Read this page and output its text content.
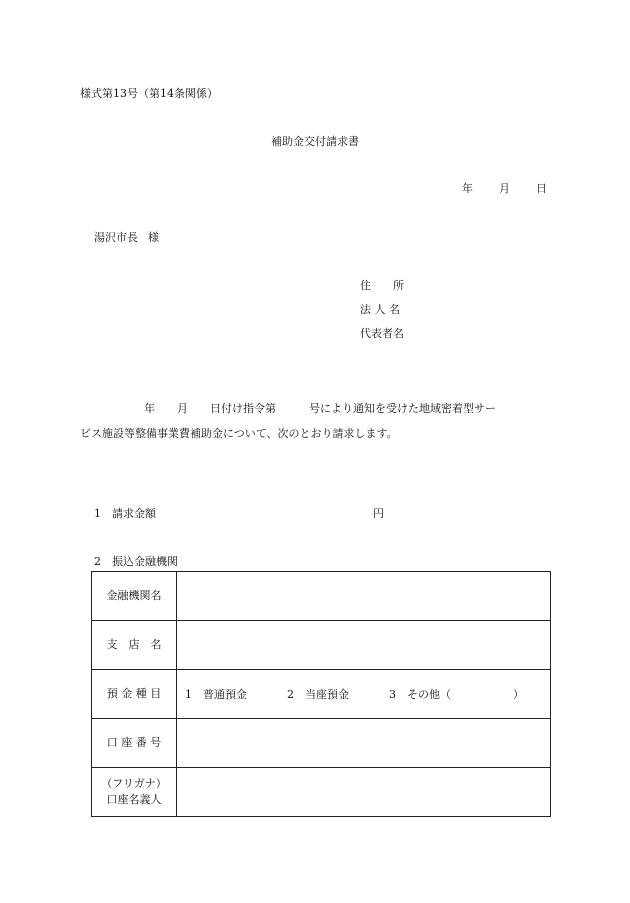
様式第13号（第14条関係）
補助金交付請求書
年 月 日
湯沢市長 様
住　　所
法 人 名
代表者名
年　　月　　日付け指令第　　　号により通知を受けた地域密着型サー
ビス施設等整備事業費補助金について、次のとおり請求します。
1　請求金額	円
2　振込金融機関
金融機関名	
支　店　名	
預 金 種 目	1　普通預金 2　当座預金 3　その他（ ）
口 座 番 号	

（フリガナ）
口座名義人	
